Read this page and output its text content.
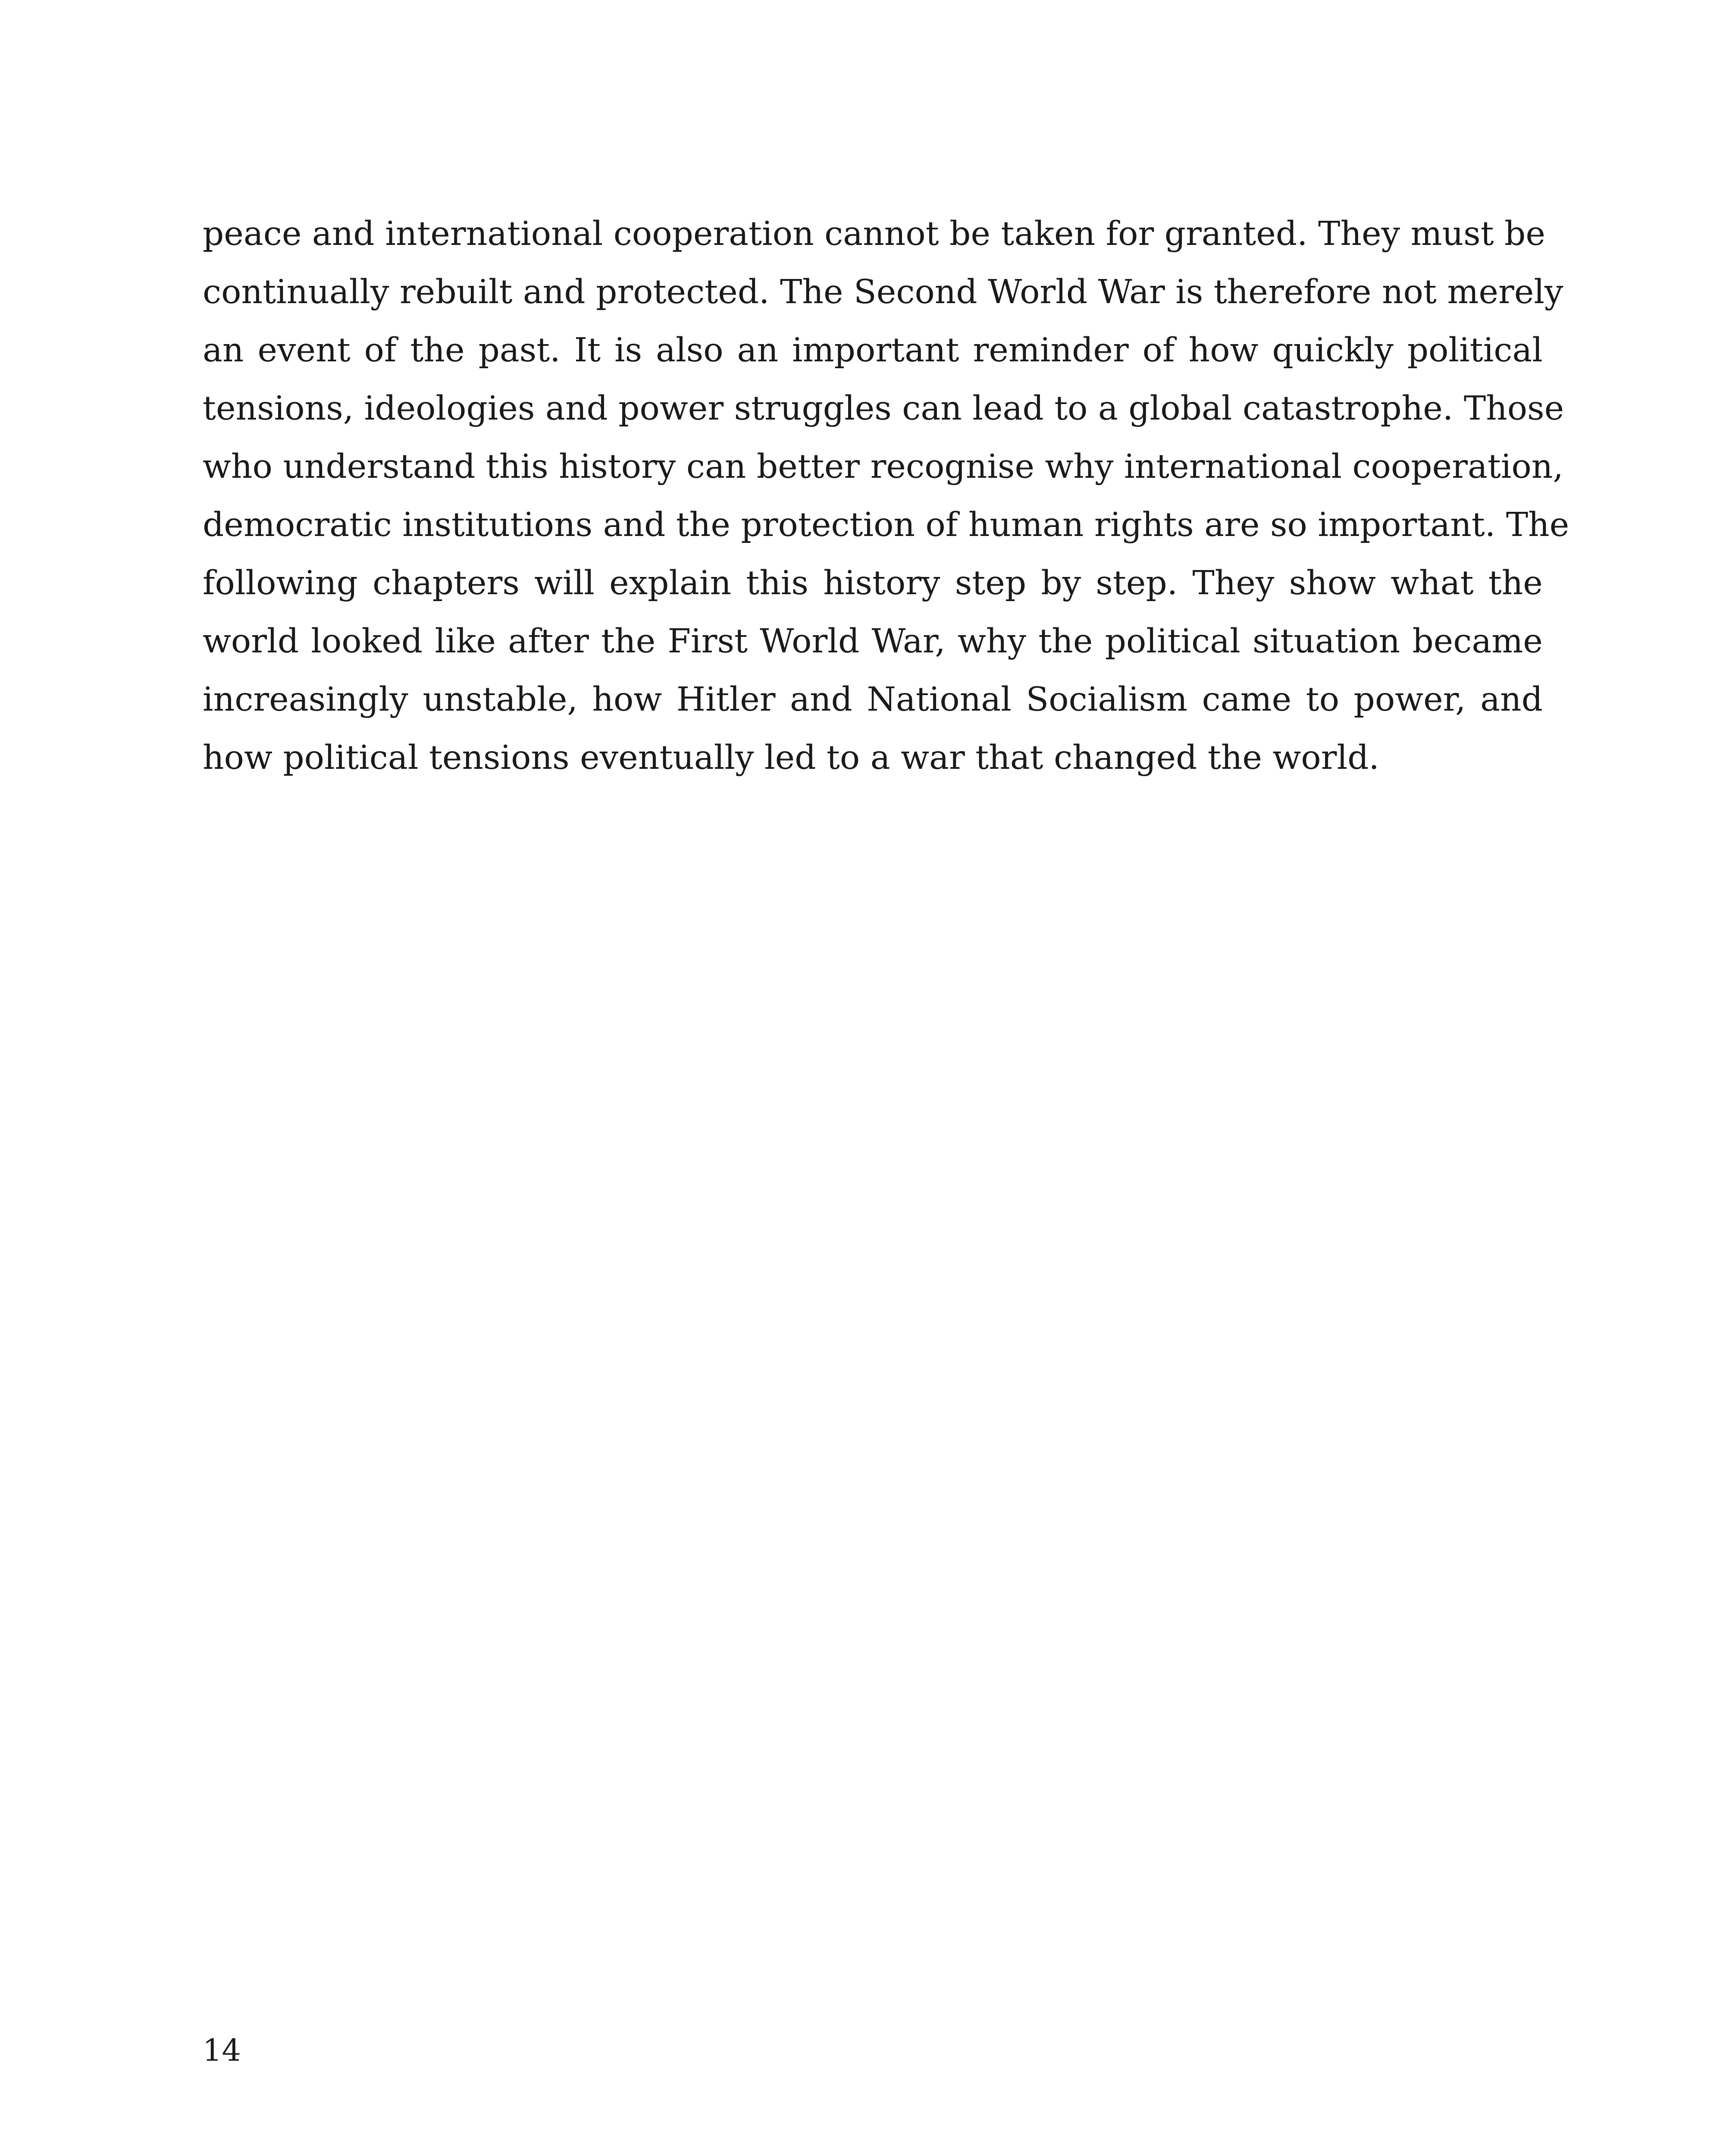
peace and international cooperation cannot be taken for granted. They must be
continually rebuilt and protected. The Second World War is therefore not merely
an event of the past. It is also an important reminder of how quickly political
tensions, ideologies and power struggles can lead to a global catastrophe. Those
who understand this history can better recognise why international cooperation,
democratic institutions and the protection of human rights are so important. The
following chapters will explain this history step by step. They show what the
world looked like after the First World War, why the political situation became
increasingly unstable, how Hitler and National Socialism came to power, and
how political tensions eventually led to a war that changed the world.
14
